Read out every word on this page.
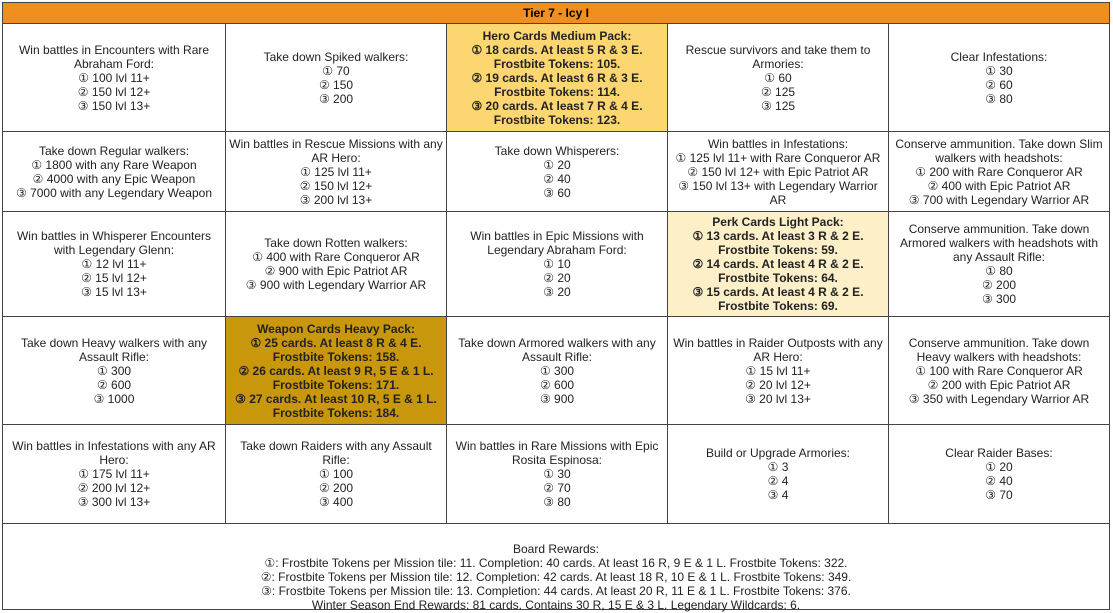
Tier 7 - Icy I
Win battles in Encounters with Rare
Abraham Ford:
① 100 lvl 11+
② 150 lvl 12+
③ 150 lvl 13+
Take down Spiked walkers:
① 70
② 150
③ 200
Hero Cards Medium Pack:
① 18 cards. At least 5 R & 3 E.
Frostbite Tokens: 105.
② 19 cards. At least 6 R & 3 E.
Frostbite Tokens: 114.
③ 20 cards. At least 7 R & 4 E.
Frostbite Tokens: 123.
Rescue survivors and take them to
Armories:
① 60
② 125
③ 125
Clear Infestations:
① 30
② 60
③ 80
Take down Regular walkers:
① 1800 with any Rare Weapon
② 4000 with any Epic Weapon
③ 7000 with any Legendary Weapon
Win battles in Rescue Missions with any
AR Hero:
① 125 lvl 11+
② 150 lvl 12+
③ 200 lvl 13+
Take down Whisperers:
① 20
② 40
③ 60
Win battles in Infestations:
① 125 lvl 11+ with Rare Conqueror AR
② 150 lvl 12+ with Epic Patriot AR
③ 150 lvl 13+ with Legendary Warrior
AR
Conserve ammunition. Take down Slim
walkers with headshots:
① 200 with Rare Conqueror AR
② 400 with Epic Patriot AR
③ 700 with Legendary Warrior AR
Win battles in Whisperer Encounters
with Legendary Glenn:
① 12 lvl 11+
② 15 lvl 12+
③ 15 lvl 13+
Take down Rotten walkers:
① 400 with Rare Conqueror AR
② 900 with Epic Patriot AR
③ 900 with Legendary Warrior AR
Win battles in Epic Missions with
Legendary Abraham Ford:
① 10
② 20
③ 20
Perk Cards Light Pack:
① 13 cards. At least 3 R & 2 E.
Frostbite Tokens: 59.
② 14 cards. At least 4 R & 2 E.
Frostbite Tokens: 64.
③ 15 cards. At least 4 R & 2 E.
Frostbite Tokens: 69.
Conserve ammunition. Take down
Armored walkers with headshots with
any Assault Rifle:
① 80
② 200
③ 300
Take down Heavy walkers with any
Assault Rifle:
① 300
② 600
③ 1000
Weapon Cards Heavy Pack:
① 25 cards. At least 8 R & 4 E.
Frostbite Tokens: 158.
② 26 cards. At least 9 R, 5 E & 1 L.
Frostbite Tokens: 171.
③ 27 cards. At least 10 R, 5 E & 1 L.
Frostbite Tokens: 184.
Take down Armored walkers with any
Assault Rifle:
① 300
② 600
③ 900
Win battles in Raider Outposts with any
AR Hero:
① 15 lvl 11+
② 20 lvl 12+
③ 20 lvl 13+
Conserve ammunition. Take down
Heavy walkers with headshots:
① 100 with Rare Conqueror AR
② 200 with Epic Patriot AR
③ 350 with Legendary Warrior AR
Win battles in Infestations with any AR
Hero:
① 175 lvl 11+
② 200 lvl 12+
③ 300 lvl 13+
Take down Raiders with any Assault
Rifle:
① 100
② 200
③ 400
Win battles in Rare Missions with Epic
Rosita Espinosa:
① 30
② 70
③ 80
Build or Upgrade Armories:
① 3
② 4
③ 4
Clear Raider Bases:
① 20
② 40
③ 70
Board Rewards:
①: Frostbite Tokens per Mission tile: 11. Completion: 40 cards. At least 16 R, 9 E & 1 L. Frostbite Tokens: 322.
②: Frostbite Tokens per Mission tile: 12. Completion: 42 cards. At least 18 R, 10 E & 1 L. Frostbite Tokens: 349.
③: Frostbite Tokens per Mission tile: 13. Completion: 44 cards. At least 20 R, 11 E & 1 L. Frostbite Tokens: 376.
Winter Season End Rewards: 81 cards. Contains 30 R, 15 E & 3 L. Legendary Wildcards: 6.
